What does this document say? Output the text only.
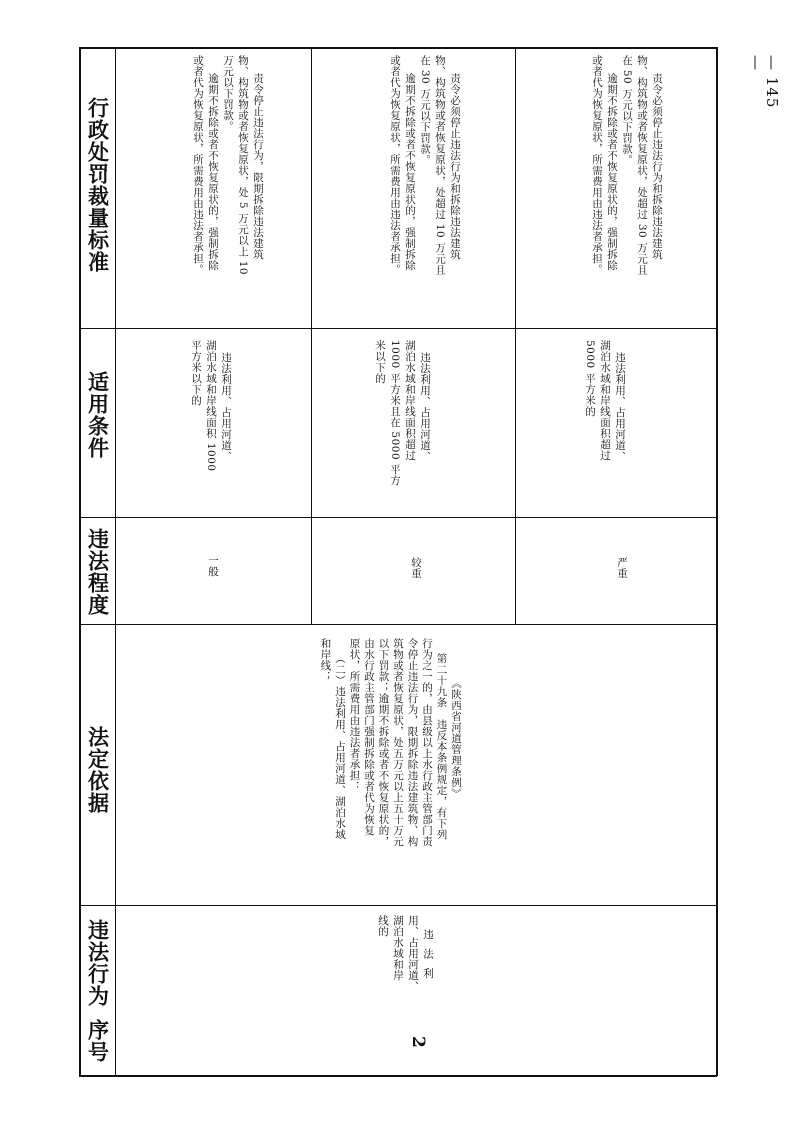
序号
违法行为
法定依据
违法程度
适用条件
行政处罚裁量标准
2
违法利
用、占用河道、
湖泊水域和岸
线的
《陕西省河道管理条例》
第二十九条　违反本条例规定，有下列
行为之一的，由县级以上水行政主管部门责
令停止违法行为，限期拆除违法建筑物、构
筑物或者恢复原状，处五万元以上五十万元
以下罚款；逾期不拆除或者不恢复原状的，
由水行政主管部门强制拆除或者代为恢复
原状，所需费用由违法者承担：
（二）违法利用、占用河道、湖泊水域
和岸线；
一般
违法利用、占用河道、
湖泊水域和岸线面积 1000
平方米以下的
责令停止违法行为，限期拆除违法建筑
物、构筑物或者恢复原状，处 5 万元以上 10
万元以下罚款。
逾期不拆除或者不恢复原状的，强制拆除
或者代为恢复原状，所需费用由违法者承担。
较重
违法利用、占用河道、
湖泊水域和岸线面积超过
1000 平方米且在 5000 平方
米以下的
责令必须停止违法行为和拆除违法建筑
物、构筑物或者恢复原状，处超过 10 万元且
在 30 万元以下罚款。
逾期不拆除或者不恢复原状的，强制拆除
或者代为恢复原状，所需费用由违法者承担。
严重
违法利用、占用河道、
湖泊水域和岸线面积超过
5000 平方米的
责令必须停止违法行为和拆除违法建筑
物、构筑物或者恢复原状，处超过 30 万元且
在 50 万元以下罚款。
逾期不拆除或者不恢复原状的，强制拆除
或者代为恢复原状，所需费用由违法者承担。	— 145 —
